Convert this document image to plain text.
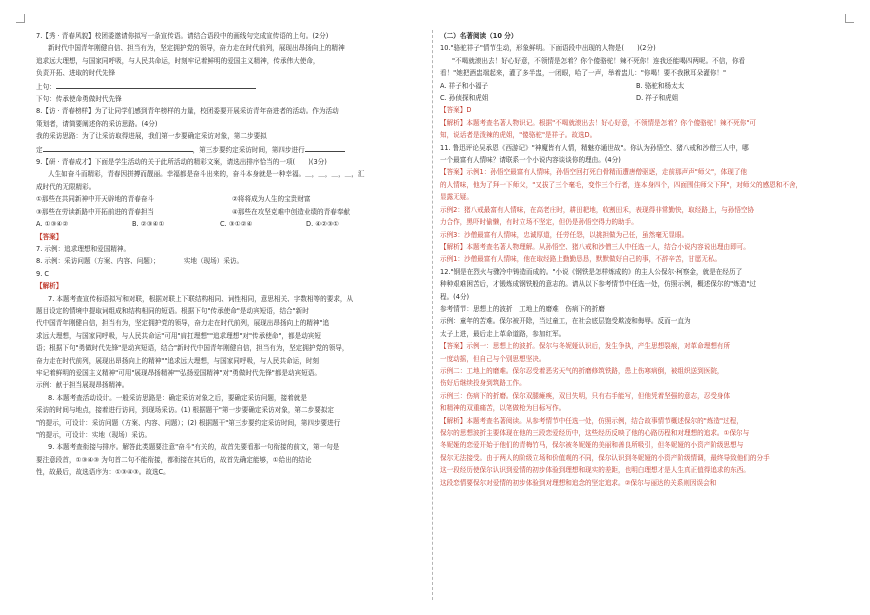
7.【秀 · 青春风貌】校团委邀请你拟写一条宣传语。请结合语段中的画线句完成宣传语的上句。(2分)
新时代中国青年刚健自信、担当有为，坚定拥护党的领导，奋力走在时代前列，展现出昂扬向上的精神
追求远大理想，与国家同呼吸，与人民共命运，时刻牢记着鲜明的爱国主义精神，传承伟大使命，
负责开拓、进取的时代先锋
上句：
下句：传承使命勇做时代先锋
8.【访 · 青春榜样】为了让同学们感到青年榜样的力量，校团委要开展采访青年奋进者的活动。作为活动
策划者，请简要阐述你的采访思路。(4分)
我的采访思路：为了让采访取得进展，我们第一步要确定采访对象，第二步要拟
定	，第三步要约定采访时间，第四步进行
9.【研 · 青春成才】下面是学生活动的关于此所活动的精彩文案，请选出排序恰当的一项(　　)(3分)
人生如奋斗而精彩，青春因拼搏而靓丽。幸福都是奋斗出来的，奋斗本身就是一种幸福。＿，＿，＿，＿，汇
成时代的无限精彩。
①那些在共同新神中开天辟地的青春奋斗	②将将成为人生的宝贵财富
③那些在劳读新路中开拓前进的青春担当	④那些在攻坚克难中创造业绩的青春奉献
A. ①③④②	B. ②③④①	C. ③①②④	D. ④②③①
【答案】
7. 示例：追求理想和爱国精神。
8. 示例：采访问题（方案、内容、问题）；	实地（现场）采访。
9. C
【解析】
7. 本题考查宣传标语拟写和对联，根据对联上下联结构相同、词性相同，意思相关、字数相等的要求，从
题目设定的情境中提取词组成和结构相同的短语。根据下句"传承使命"是动宾短语，结合"新时
代中国青年刚健自信，担当有为，坚定拥护党的领导，奋力走在时代前列，展现出昂扬向上的精神"追
求远大理想，与国家同呼吸，与人民共命运"可用"肩扛理想""追求理想"对"传承使命"，都是动宾短
语；根据下句"勇做时代先锋"是动宾短语，结合"新时代中国青年刚健自信，担当有为，坚定拥护党的领导，
奋力走在时代前列，展现出昂扬向上的精神""追求远大理想，与国家同呼吸，与人民共命运，时刻
牢记着鲜明的爱国主义精神"可用"展现昂扬精神""弘扬爱国精神"对"勇做时代先锋"都是动宾短语。
示例：献于担当展现昂扬精神。
8. 本题考查活动设计。一般采访思路是：确定采访对象之后，要确定采访问题，接着就是
采访的时间与地点，接着进行访问，到现场采访。(1) 根据题干"第一步要确定采访对象，第二步要拟定
"的提示，可设计：采访问题（方案、内容、问题）；(2) 根据题干"第三步要约定采访时间，第四步要进行
"的提示，可设计：实地（现场）采访。
9. 本题考查衔接与排序。解答此类题要注意"奋斗"有关的，故首先要看那一句衔接的前文，第一句是
要注意段首，①③④③ 为句首二句不能衔接，都衔接在其后的，故首先确定能够，①给出的结论
性，故最后，故选语序为：①③④③。故选C。
（二）名著阅读（10 分）
10."骆驼祥子"情节生动，形象鲜明。下面语段中出现的人物是(　　)(2分)
"不喝就滚出去！好心好意，不领情是怎着？你个傻骆驼！辣不死你！连我还能喝四两呢。不信，你看
看！"她把酒盅端起来，灌了多半盅，一闭眼，哈了一声，举着盅儿："你喝！要不我揪耳朵灌你！"
A. 祥子和小福子	B. 骆驼和杨太太
C. 孙侦探和虎姐	D. 祥子和虎姐
【答案】D
【解析】本题考查名著人物识记。根据"不喝就滚出去！好心好意，不领情是怎着？你个傻骆驼！辣不死你"可
知，说话者是泼辣的虎姐，"傻骆驼"是祥子。故选D。
11. 鲁迅评论吴承恩《西游记》"神魔皆有人情，精魅亦通世故"。你认为孙悟空、猪八戒和沙僧三人中，哪
一个最富有人情味？请联系一个小说内容谈谈你的理由。(4分)
【答案】示例1：孙悟空最富有人情味，孙悟空回打死白骨精而遭唐僧驱逐，走前那声声"师父"，体现了他
的人情味，他为了拜一下师父，"又拔了三个毫毛，变作三个行者，连本身四个，四面围住师父下拜"，对师父的感恩和不舍，
显露无疑。
示例2：猪八戒最富有人情味，在高老庄时，耕田耙地，收割田禾，表现得非常勤快，取经路上，与孙悟空协
力合作，黑吓时偷懒，有时立场不坚定，但仍是孙悟空得力的助手。
示例3：沙僧最富有人情味，忠诚厚道，任劳任怨，以挑担做为己任，虽然毫无显眼。
【解析】本题考查名著人物理解。从孙悟空、猪八戒和沙僧三人中任选一人，结合小说内容说出理由即可。
示例1：沙僧最富有人情味，他在取经路上勤勤恳恳，默默做好自己的事，不辞辛苦，甘愿无私。
12."钢是在烈火与骤冷中铸造而成的。"小说《钢铁是怎样炼成的》的主人公保尔·柯察金，就是在经历了
种种艰难困苦后，才锻炼成钢铁般的意志的。请从以下参考情节中任选一处，仿照示例，概述保尔的"炼造"过
程。(4分)
参考情节：思想上的波折　工地上的磨难　伤病下的折磨
示例：童年的苦难。保尔被开除，当过童工，在社会底层饱受欺凌和侮辱。反而一直为
太子上进，最后走上革命道路，参加红军。
【答案】示例一：思想上的波折。保尔与冬妮娅认识后，发生争执，产生思想裂痕，对革命理想有所
一度动摇，但自己与个别思想坚决。
示例二：工地上的磨难。保尔忍受着恶劣天气的折磨修筑铁路，患上伤寒病倒，被组织送到医院，
伤好后继续投身到筑路工作。
示例三：伤病下的折磨。保尔双腿瘫痪，双目失明，只有右手能写，但他凭着坚强的意志，忍受身体
和精神的双重痛苦，以笔做枪为目标写作。
【解析】本题考查名著阅读。从参考情节中任选一处，仿照示例，结合故事情节概述保尔的"炼造"过程，
保尔的思想波折主要体现在他的三段恋爱经历中，这些经历反映了他的心路历程和对理想的追求。①保尔与
冬妮娅的恋爱开始于他们的青梅竹马，保尔被冬妮娅的美丽和善良所吸引，但冬妮娅的小资产阶级思想与
保尔无法接受。由于两人的阶级立场和价值观的不同，保尔认识到冬妮娅的小资产阶级情调，最终导致他们的分手
这一段经历使保尔认识到爱情的初步体验到理想和现实的差距，也明白理想才是人生真正值得追求的东西。
这段恋情要保尔对爱情的初步体验到对理想和追念的坚定追求。②保尔与丽达的关系则因误会和
